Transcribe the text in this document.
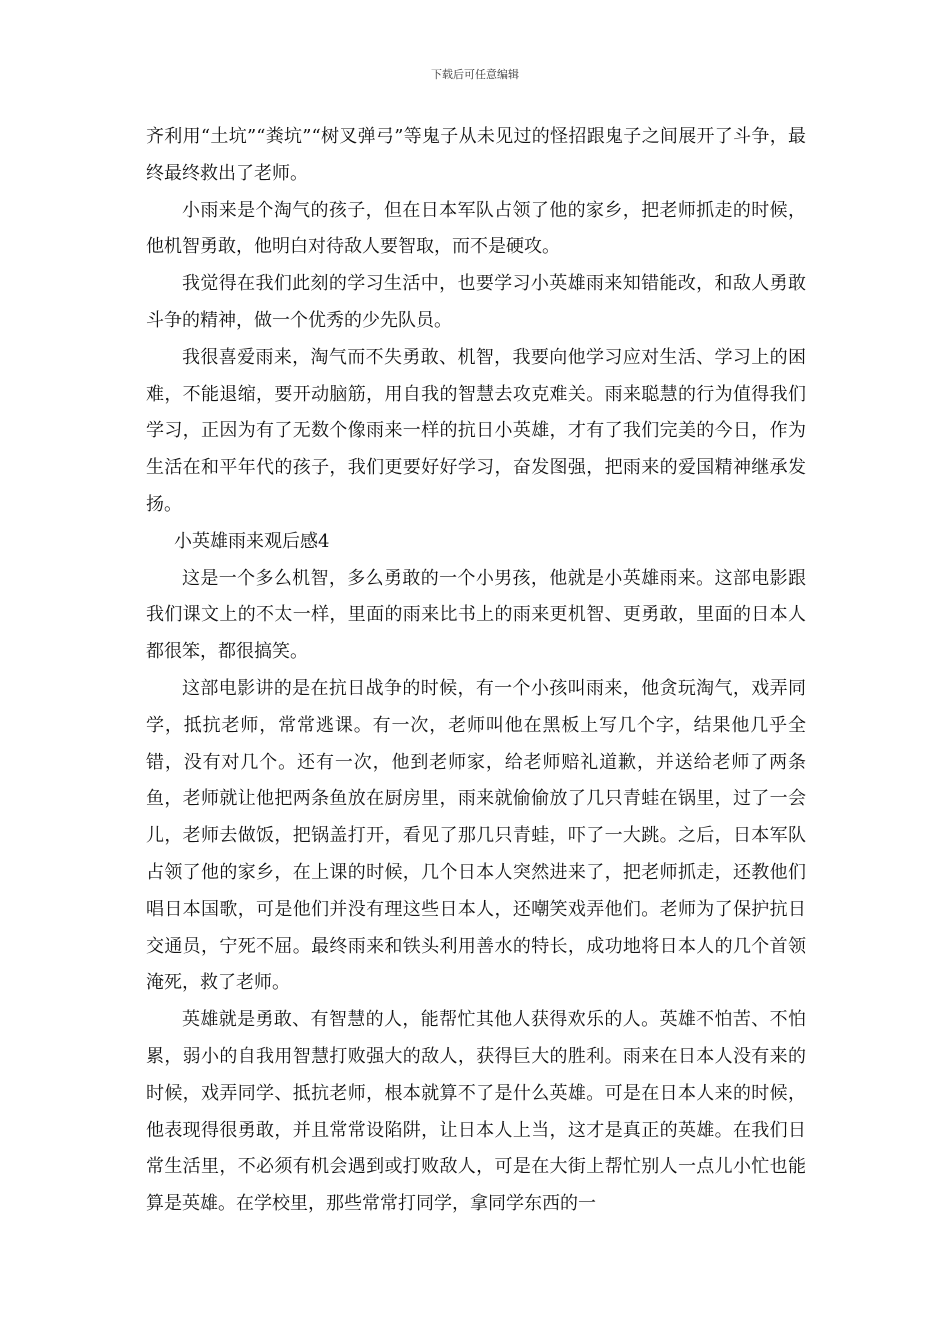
下载后可任意编辑

齐利用“土坑”“粪坑”“树叉弹弓”等鬼子从未见过的怪招跟鬼子之间展开了斗争，最终最终救出了老师。

小雨来是个淘气的孩子，但在日本军队占领了他的家乡，把老师抓走的时候，他机智勇敢，他明白对待敌人要智取，而不是硬攻。

我觉得在我们此刻的学习生活中，也要学习小英雄雨来知错能改，和敌人勇敢斗争的精神，做一个优秀的少先队员。

我很喜爱雨来，淘气而不失勇敢、机智，我要向他学习应对生活、学习上的困难，不能退缩，要开动脑筋，用自我的智慧去攻克难关。雨来聪慧的行为值得我们学习，正因为有了无数个像雨来一样的抗日小英雄，才有了我们完美的今日，作为生活在和平年代的孩子，我们更要好好学习，奋发图强，把雨来的爱国精神继承发扬。

小英雄雨来观后感4

这是一个多么机智，多么勇敢的一个小男孩，他就是小英雄雨来。这部电影跟我们课文上的不太一样，里面的雨来比书上的雨来更机智、更勇敢，里面的日本人都很笨，都很搞笑。

这部电影讲的是在抗日战争的时候，有一个小孩叫雨来，他贪玩淘气，戏弄同学，抵抗老师，常常逃课。有一次，老师叫他在黑板上写几个字，结果他几乎全错，没有对几个。还有一次，他到老师家，给老师赔礼道歉，并送给老师了两条鱼，老师就让他把两条鱼放在厨房里，雨来就偷偷放了几只青蛙在锅里，过了一会儿，老师去做饭，把锅盖打开，看见了那几只青蛙，吓了一大跳。之后，日本军队占领了他的家乡，在上课的时候，几个日本人突然进来了，把老师抓走，还教他们唱日本国歌，可是他们并没有理这些日本人，还嘲笑戏弄他们。老师为了保护抗日交通员，宁死不屈。最终雨来和铁头利用善水的特长，成功地将日本人的几个首领淹死，救了老师。

英雄就是勇敢、有智慧的人，能帮忙其他人获得欢乐的人。英雄不怕苦、不怕累，弱小的自我用智慧打败强大的敌人，获得巨大的胜利。雨来在日本人没有来的时候，戏弄同学、抵抗老师，根本就算不了是什么英雄。可是在日本人来的时候，他表现得很勇敢，并且常常设陷阱，让日本人上当，这才是真正的英雄。在我们日常生活里，不必须有机会遇到或打败敌人，可是在大街上帮忙别人一点儿小忙也能算是英雄。在学校里，那些常常打同学，拿同学东西的一
